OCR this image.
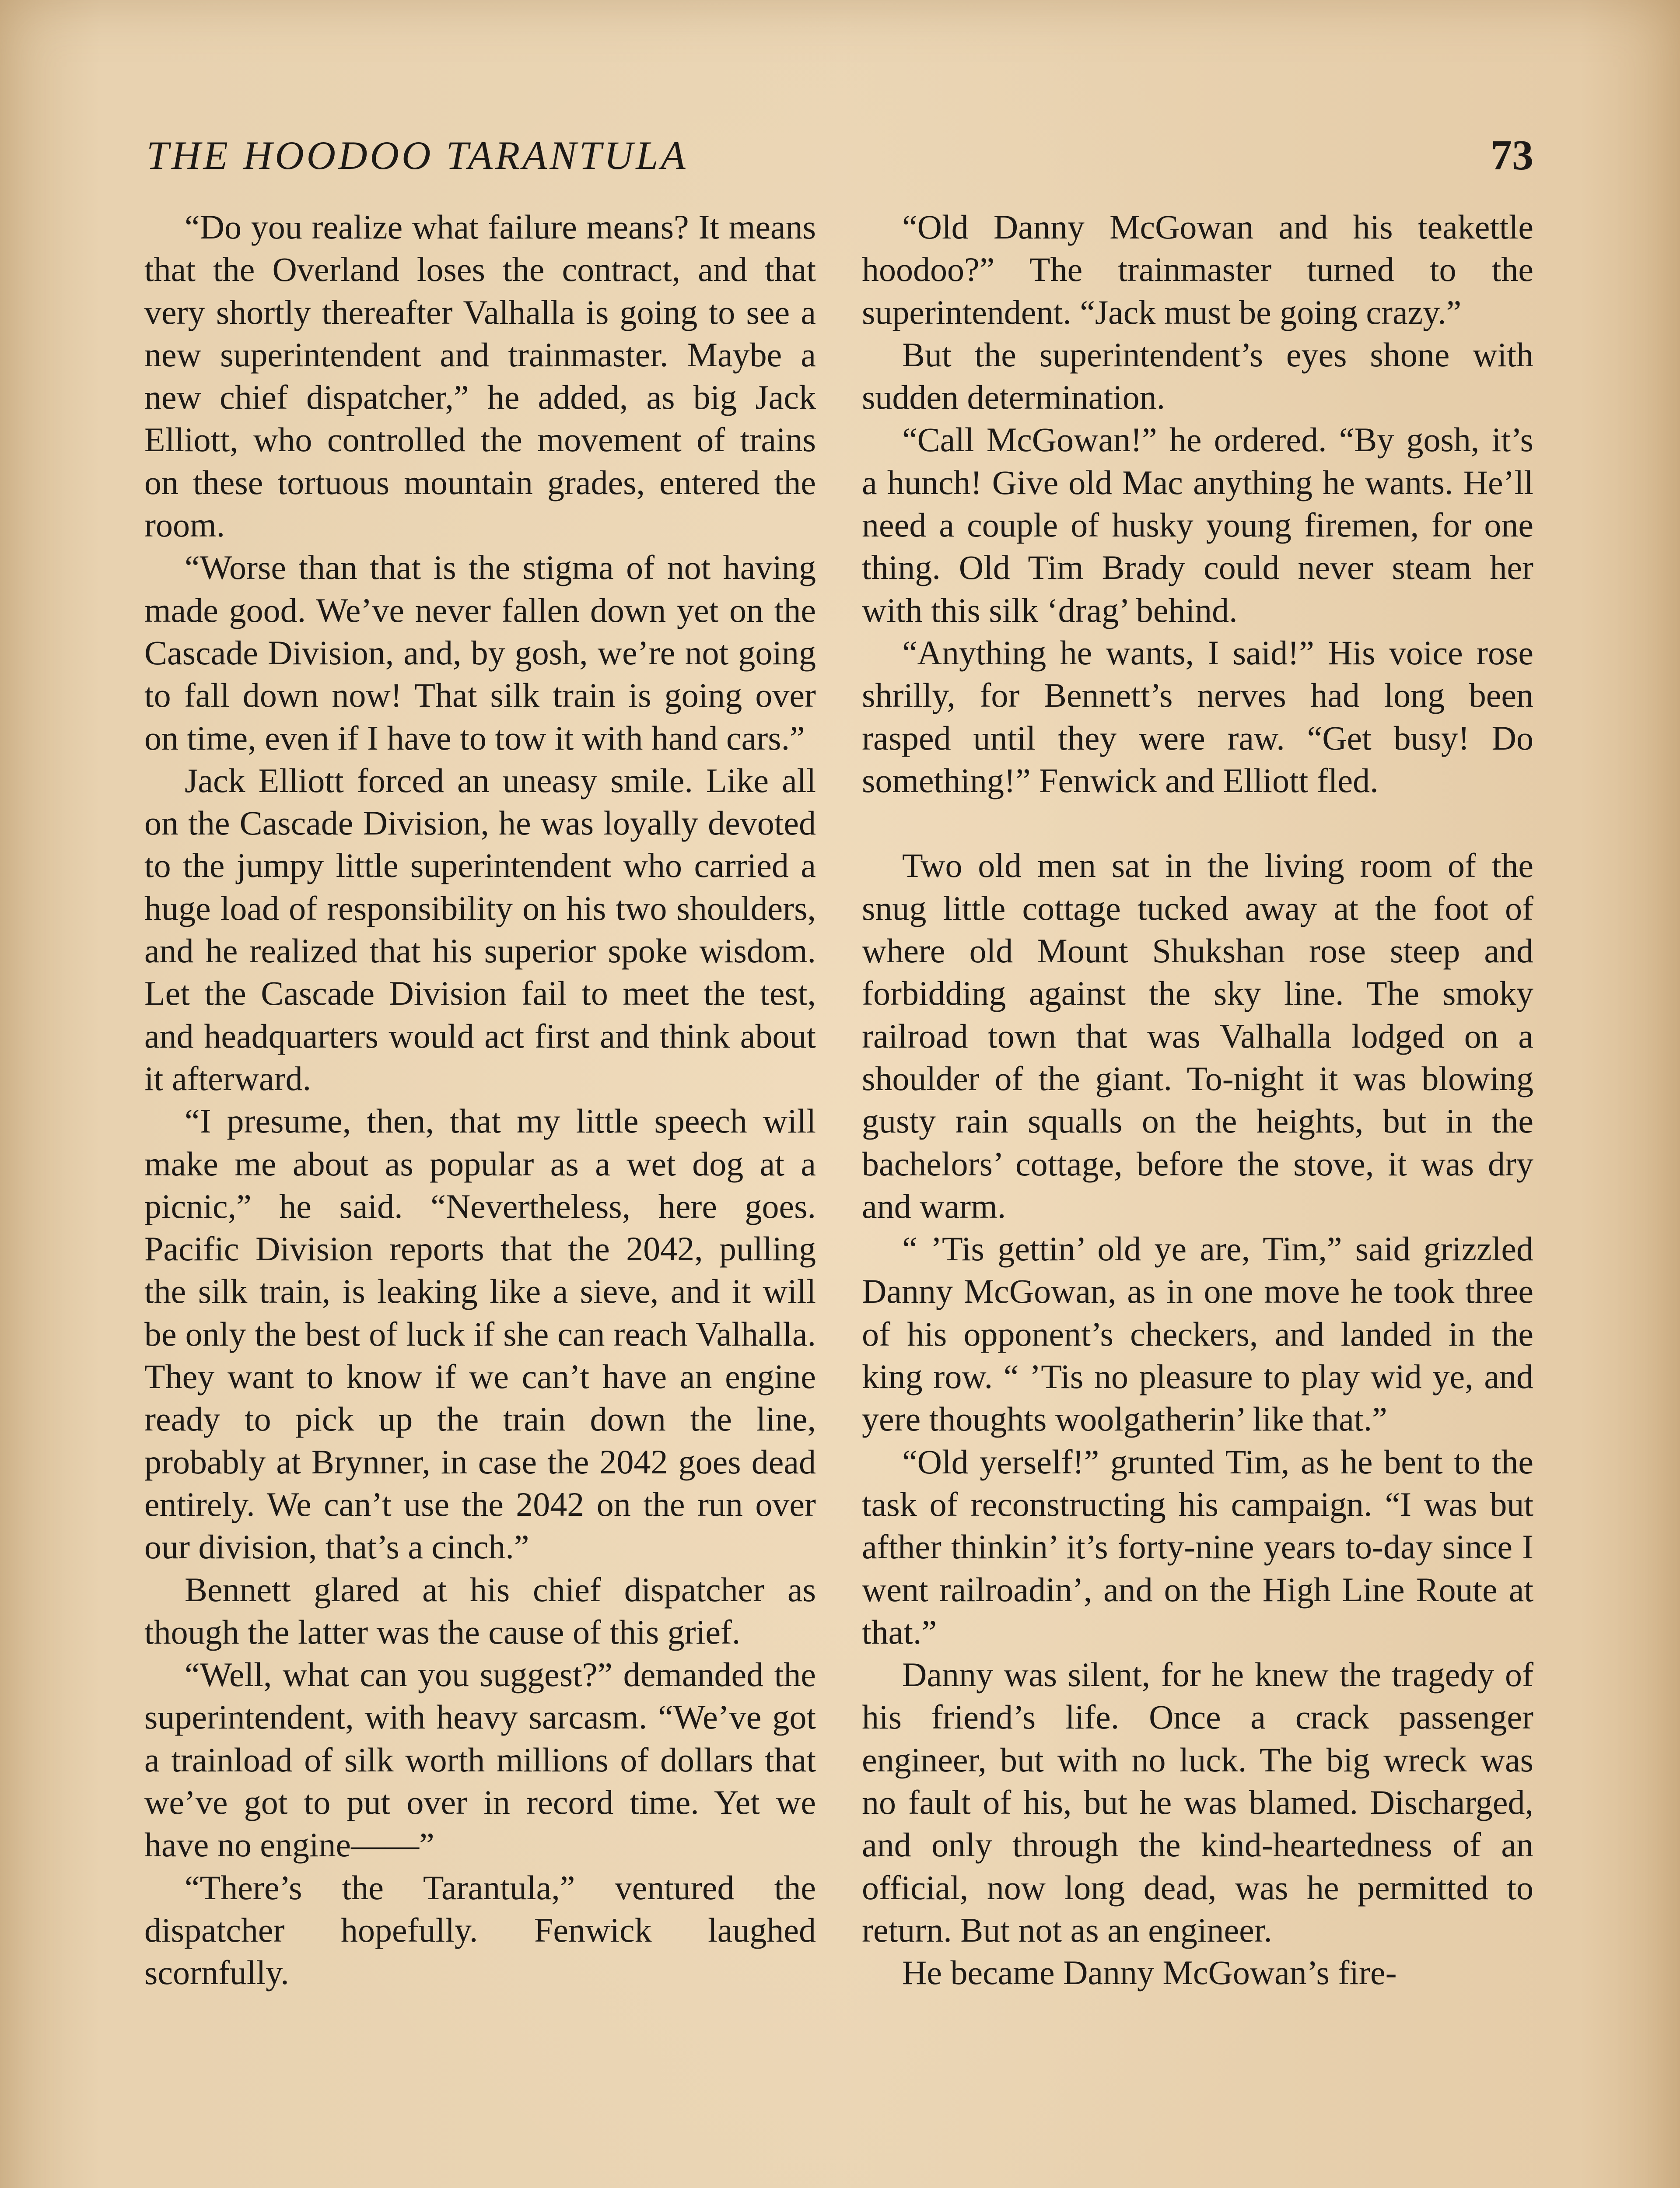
THE HOODOO TARANTULA	73

“Do you realize what failure means? It means that the Overland loses the contract, and that very shortly thereafter Valhalla is going to see a new superintendent and trainmaster. Maybe a new chief dispatcher,” he added, as big Jack Elliott, who controlled the movement of trains on these tortuous mountain grades, entered the room.

“Worse than that is the stigma of not having made good. We’ve never fallen down yet on the Cascade Division, and, by gosh, we’re not going to fall down now! That silk train is going over on time, even if I have to tow it with hand cars.”

Jack Elliott forced an uneasy smile. Like all on the Cascade Division, he was loyally devoted to the jumpy little superintendent who carried a huge load of responsibility on his two shoulders, and he realized that his superior spoke wisdom. Let the Cascade Division fail to meet the test, and headquarters would act first and think about it afterward.

“I presume, then, that my little speech will make me about as popular as a wet dog at a picnic,” he said. “Nevertheless, here goes. Pacific Division reports that the 2042, pulling the silk train, is leaking like a sieve, and it will be only the best of luck if she can reach Valhalla. They want to know if we can’t have an engine ready to pick up the train down the line, probably at Brynner, in case the 2042 goes dead entirely. We can’t use the 2042 on the run over our division, that’s a cinch.”

Bennett glared at his chief dispatcher as though the latter was the cause of this grief.

“Well, what can you suggest?” demanded the superintendent, with heavy sarcasm. “We’ve got a trainload of silk worth millions of dollars that we’ve got to put over in record time. Yet we have no engine——”

“There’s the Tarantula,” ventured the dispatcher hopefully. Fenwick laughed scornfully.

“Old Danny McGowan and his teakettle hoodoo?” The trainmaster turned to the superintendent. “Jack must be going crazy.”

But the superintendent’s eyes shone with sudden determination.

“Call McGowan!” he ordered. “By gosh, it’s a hunch! Give old Mac anything he wants. He’ll need a couple of husky young firemen, for one thing. Old Tim Brady could never steam her with this silk ‘drag’ behind.

“Anything he wants, I said!” His voice rose shrilly, for Bennett’s nerves had long been rasped until they were raw. “Get busy! Do something!” Fenwick and Elliott fled.

Two old men sat in the living room of the snug little cottage tucked away at the foot of where old Mount Shukshan rose steep and forbidding against the sky line. The smoky railroad town that was Valhalla lodged on a shoulder of the giant. To-night it was blowing gusty rain squalls on the heights, but in the bachelors’ cottage, before the stove, it was dry and warm.

“ ’Tis gettin’ old ye are, Tim,” said grizzled Danny McGowan, as in one move he took three of his opponent’s checkers, and landed in the king row. “ ’Tis no pleasure to play wid ye, and yere thoughts woolgatherin’ like that.”

“Old yerself!” grunted Tim, as he bent to the task of reconstructing his campaign. “I was but afther thinkin’ it’s forty-nine years to-day since I went railroadin’, and on the High Line Route at that.”

Danny was silent, for he knew the tragedy of his friend’s life. Once a crack passenger engineer, but with no luck. The big wreck was no fault of his, but he was blamed. Discharged, and only through the kind-heartedness of an official, now long dead, was he permitted to return. But not as an engineer.

He became Danny McGowan’s fire-
